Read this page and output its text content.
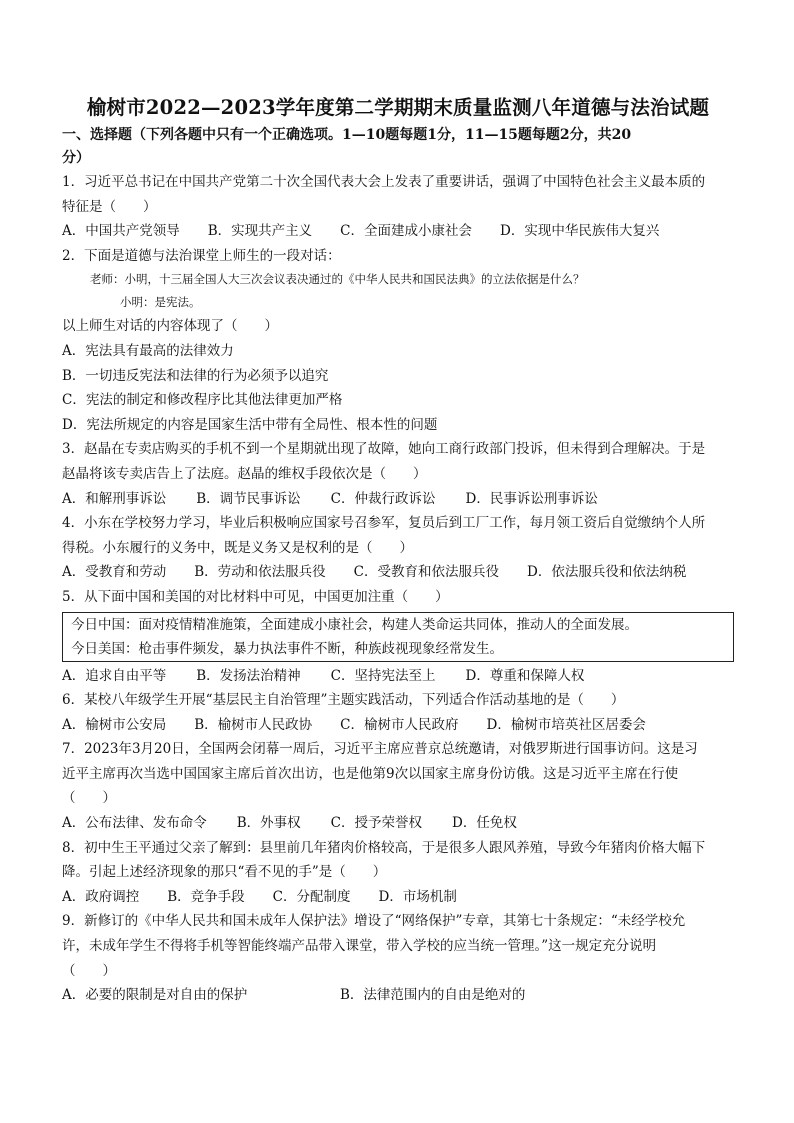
榆树市2022—2023学年度第二学期期末质量监测八年道德与法治试题
一、选择题（下列各题中只有一个正确选项。1—10题每题1分，11—15题每题2分，共20
分）
1．习近平总书记在中国共产党第二十次全国代表大会上发表了重要讲话，强调了中国特色社会主义最本质的
特征是（　　）
A．中国共产党领导 B．实现共产主义 C．全面建成小康社会 D．实现中华民族伟大复兴
2．下面是道德与法治课堂上师生的一段对话：
老师：小明，十三届全国人大三次会议表决通过的《中华人民共和国民法典》的立法依据是什么？
小明：是宪法。
以上师生对话的内容体现了（　　）
A．宪法具有最高的法律效力
B．一切违反宪法和法律的行为必须予以追究
C．宪法的制定和修改程序比其他法律更加严格
D．宪法所规定的内容是国家生活中带有全局性、根本性的问题
3．赵晶在专卖店购买的手机不到一个星期就出现了故障，她向工商行政部门投诉，但未得到合理解决。于是
赵晶将该专卖店告上了法庭。赵晶的维权手段依次是（　　）
A．和解刑事诉讼 B．调节民事诉讼 C．仲裁行政诉讼 D．民事诉讼刑事诉讼
4．小东在学校努力学习，毕业后积极响应国家号召参军，复员后到工厂工作，每月领工资后自觉缴纳个人所
得税。小东履行的义务中，既是义务又是权利的是（　　）
A．受教育和劳动 B．劳动和依法服兵役 C．受教育和依法服兵役 D．依法服兵役和依法纳税
5．从下面中国和美国的对比材料中可见，中国更加注重（　　）
今日中国：面对疫情精准施策，全面建成小康社会，构建人类命运共同体，推动人的全面发展。
今日美国：枪击事件频发，暴力执法事件不断，种族歧视现象经常发生。
A．追求自由平等 B．发扬法治精神 C．坚持宪法至上 D．尊重和保障人权
6．某校八年级学生开展“基层民主自治管理”主题实践活动，下列适合作活动基地的是（　　）
A．榆树市公安局 B．榆树市人民政协 C．榆树市人民政府 D．榆树市培英社区居委会
7．2023年3月20日，全国两会闭幕一周后，习近平主席应普京总统邀请，对俄罗斯进行国事访问。这是习
近平主席再次当选中国国家主席后首次出访，也是他第9次以国家主席身份访俄。这是习近平主席在行使
（　　）
A．公布法律、发布命令 B．外事权 C．授予荣誉权 D．任免权
8．初中生王平通过父亲了解到：县里前几年猪肉价格较高，于是很多人跟风养殖，导致今年猪肉价格大幅下
降。引起上述经济现象的那只“看不见的手”是（　　）
A．政府调控 B．竞争手段 C．分配制度 D．市场机制
9．新修订的《中华人民共和国未成年人保护法》增设了“网络保护”专章，其第七十条规定：“未经学校允
许，未成年学生不得将手机等智能终端产品带入课堂，带入学校的应当统一管理。”这一规定充分说明
（　　）
A．必要的限制是对自由的保护	B．法律范围内的自由是绝对的
